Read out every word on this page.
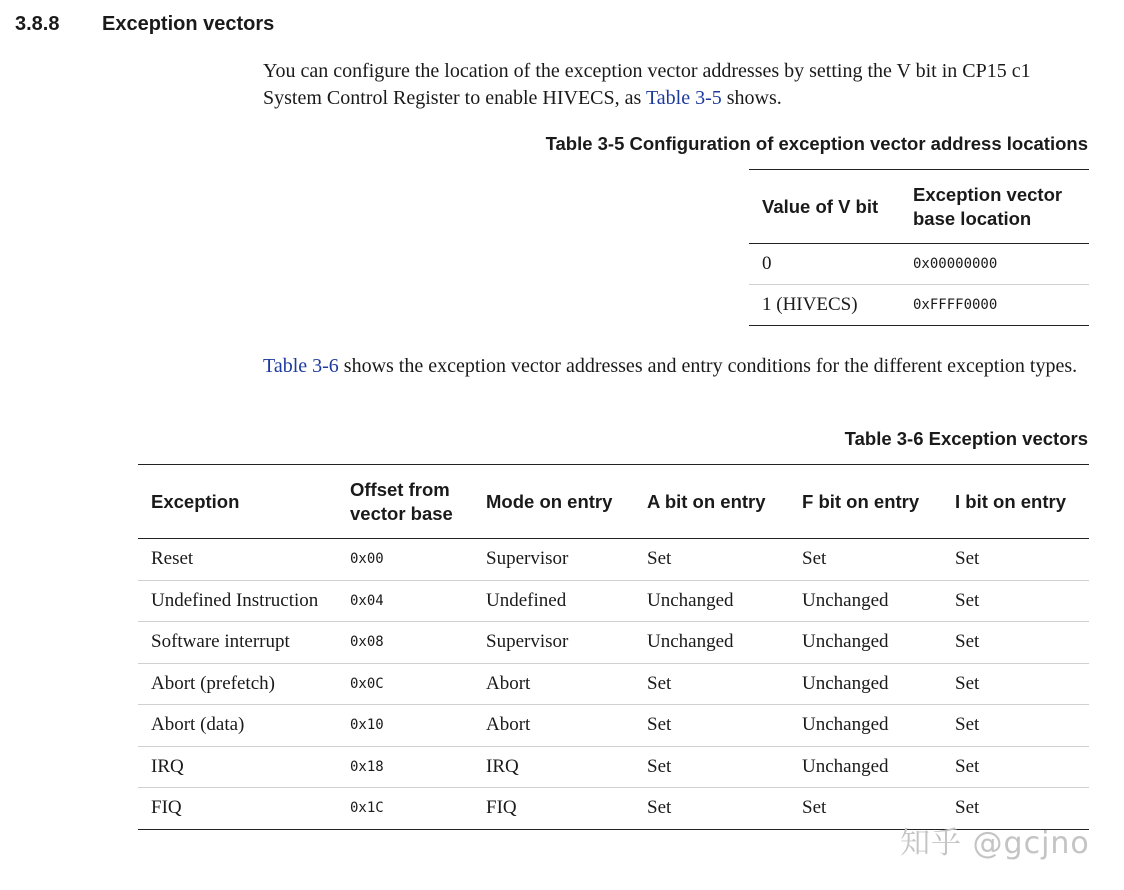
3.8.8 Exception vectors

You can configure the location of the exception vector addresses by setting the V bit in CP15 c1 System Control Register to enable HIVECS, as Table 3-5 shows.

Table 3-5 Configuration of exception vector address locations
Value of V bit	Exception vector base location
0	0x00000000
1 (HIVECS)	0xFFFF0000

Table 3-6 shows the exception vector addresses and entry conditions for the different exception types.

Table 3-6 Exception vectors
Exception	Offset from vector base	Mode on entry	A bit on entry	F bit on entry	I bit on entry
Reset	0x00	Supervisor	Set	Set	Set
Undefined Instruction	0x04	Undefined	Unchanged	Unchanged	Set
Software interrupt	0x08	Supervisor	Unchanged	Unchanged	Set
Abort (prefetch)	0x0C	Abort	Set	Unchanged	Set
Abort (data)	0x10	Abort	Set	Unchanged	Set
IRQ	0x18	IRQ	Set	Unchanged	Set
FIQ	0x1C	FIQ	Set	Set	Set
知乎 @gcjno
